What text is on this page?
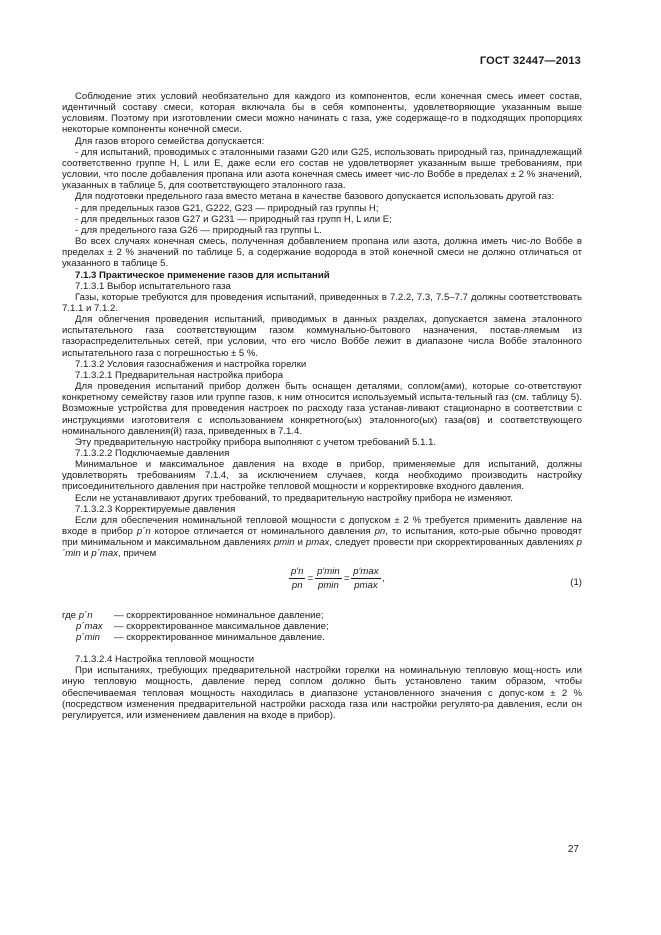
ГОСТ 32447—2013

Соблюдение этих условий необязательно для каждого из компонентов, если конечная смесь имеет состав, идентичный составу смеси, которая включала бы в себя компоненты, удовлетворяющие указанным выше условиям. Поэтому при изготовлении смеси можно начинать с газа, уже содержаще-го в подходящих пропорциях некоторые компоненты конечной смеси.

Для газов второго семейства допускается:

- для испытаний, проводимых с эталонными газами G20 или G25, использовать природный газ, принадлежащий соответственно группе Н, L или Е, даже если его состав не удовлетворяет указанным выше требованиям, при условии, что после добавления пропана или азота конечная смесь имеет чис-ло Воббе в пределах ± 2 % значений, указанных в таблице 5, для соответствующего эталонного газа.

Для подготовки предельного газа вместо метана в качестве базового допускается использовать другой газ:

- для предельных газов G21, G222, G23 — природный газ группы Н;

- для предельных газов G27 и G231 — природный газ групп Н, L или Е;

- для предельного газа G26 — природный газ группы L.

Во всех случаях конечная смесь, полученная добавлением пропана или азота, должна иметь чис-ло Воббе в пределах ± 2 % значений по таблице 5, а содержание водорода в этой конечной смеси не должно отличаться от указанного в таблице 5.

7.1.3 Практическое применение газов для испытаний

7.1.3.1 Выбор испытательного газа

Газы, которые требуются для проведения испытаний, приведенных в 7.2.2, 7.3, 7.5–7.7 должны соответствовать 7.1.1 и 7.1.2.

Для облегчения проведения испытаний, приводимых в данных разделах, допускается замена эталонного испытательного газа соответствующим газом коммунально-бытового назначения, постав-ляемым из газораспределительных сетей, при условии, что его число Воббе лежит в диапазоне числа Воббе эталонного испытательного газа с погрешностью ± 5 %.

7.1.3.2 Условия газоснабжения и настройка горелки

7.1.3.2.1 Предварительная настройка прибора

Для проведения испытаний прибор должен быть оснащен деталями, соплом(ами), которые со-ответствуют конкретному семейству газов или группе газов, к ним относится используемый испыта-тельный газ (см. таблицу 5). Возможные устройства для проведения настроек по расходу газа устанав-ливают стационарно в соответствии с инструкциями изготовителя с использованием конкретного(ых) эталонного(ых) газа(ов) и соответствующего номинального давления(й) газа, приведенных в 7.1.4.

Эту предварительную настройку прибора выполняют с учетом требований 5.1.1.

7.1.3.2.2 Подключаемые давления

Минимальное и максимальное давления на входе в прибор, применяемые для испытаний, должны удовлетворять требованиям 7.1.4, за исключением случаев, когда необходимо производить настройку присоединительного давления при настройке тепловой мощности и корректировке входного давления.

Если не устанавливают других требований, то предварительную настройку прибора не изменяют.

7.1.3.2.3 Корректируемые давления

Если для обеспечения номинальной тепловой мощности с допуском ± 2 % требуется применить давление на входе в прибор p´n которое отличается от номинального давления pn, то испытания, кото-рые обычно проводят при минимальном и максимальном давлениях pmin и pmax, следует провести при скорректированных давлениях p´min и p´max, причем

$\frac{p'n}{pn} = \frac{p'\min}{pmin} = \frac{p'\max}{pmax}$ ,	(1)
где p´n	— скорректированное номинальное давление;
p´max	— скорректированное максимальное давление;
p´min	— скорректированное минимальное давление.

7.1.3.2.4 Настройка тепловой мощности

При испытаниях, требующих предварительной настройки горелки на номинальную тепловую мощ-ность или иную тепловую мощность, давление перед соплом должно быть установлено таким образом, чтобы обеспечиваемая тепловая мощность находилась в диапазоне установленного значения с допус-ком ± 2 % (посредством изменения предварительной настройки расхода газа или настройки регулято-ра давления, если он регулируется, или изменением давления на входе в прибор).

27
